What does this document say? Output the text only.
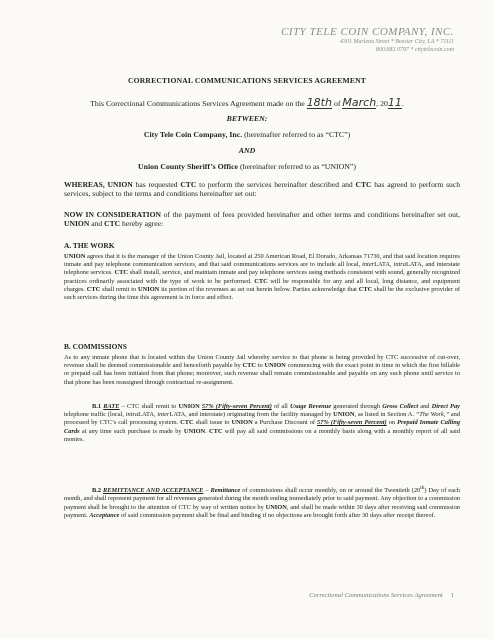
CITY TELE COIN COMPANY, INC.
4301 Marlena Street * Bossier City, LA * 71111
800.682.0797 * citytelecoin.com
CORRECTIONAL COMMUNICATIONS SERVICES AGREEMENT
This Correctional Communications Services Agreement made on the 18th of March, 2011.
BETWEEN:
City Tele Coin Company, Inc. (hereinafter referred to as “CTC”)
AND
Union County Sheriff’s Office (hereinafter referred to as “UNION”)
WHEREAS, UNION has requested CTC to perform the services hereinafter described and CTC has agreed to perform such services, subject to the terms and conditions hereinafter set out:
NOW IN CONSIDERATION of the payment of fees provided hereinafter and other terms and conditions hereinafter set out, UNION and CTC hereby agree:
A. THE WORK
UNION agrees that it is the manager of the Union County Jail, located at 250 American Road, El Dorado, Arkansas 71730, and that said location requires inmate and pay telephone communication services, and that said communications services are to include all local, interLATA, intraLATA, and interstate telephone services. CTC shall install, service, and maintain inmate and pay telephone services using methods consistent with sound, generally recognized practices ordinarily associated with the type of work to be performed. CTC will be responsible for any and all local, long distance, and equipment charges. CTC shall remit to UNION its portion of the revenues as set out herein below. Parties acknowledge that CTC shall be the exclusive provider of such services during the time this agreement is in force and effect.
B. COMMISSIONS
As to any inmate phone that is located within the Union County Jail whereby service to that phone is being provided by CTC successive of cut-over, revenue shall be deemed commissionable and henceforth payable by CTC to UNION commencing with the exact point in time in which the first billable or prepaid call has been initiated from that phone; moreover, such revenue shall remain commissionable and payable on any such phone until service to that phone has been reassigned through contractual re-assignment.
B.1 RATE – CTC shall remit to UNION 57% (Fifty-seven Percent) of all Usage Revenue generated through Gross Collect and Direct Pay telephone traffic (local, intraLATA, interLATA, and interstate) originating from the facility managed by UNION, as listed in Section A. “The Work,” and processed by CTC’s call processing system. CTC shall issue to UNION a Purchase Discount of 57% (Fifty-seven Percent) on Prepaid Inmate Calling Cards at any time such purchase is made by UNION. CTC will pay all said commissions on a monthly basis along with a monthly report of all said monies.
B.2 REMITTANCE AND ACCEPTANCE – Remittance of commissions shall occur monthly, on or around the Twentieth (20th) Day of each month, and shall represent payment for all revenues generated during the month ending immediately prior to said payment. Any objection to a commission payment shall be brought to the attention of CTC by way of written notice by UNION, and shall be made within 30 days after receiving said commission payment. Acceptance of said commission payment shall be final and binding if no objections are brought forth after 30 days after receipt thereof.
Correctional Communications Services Agreement 1
